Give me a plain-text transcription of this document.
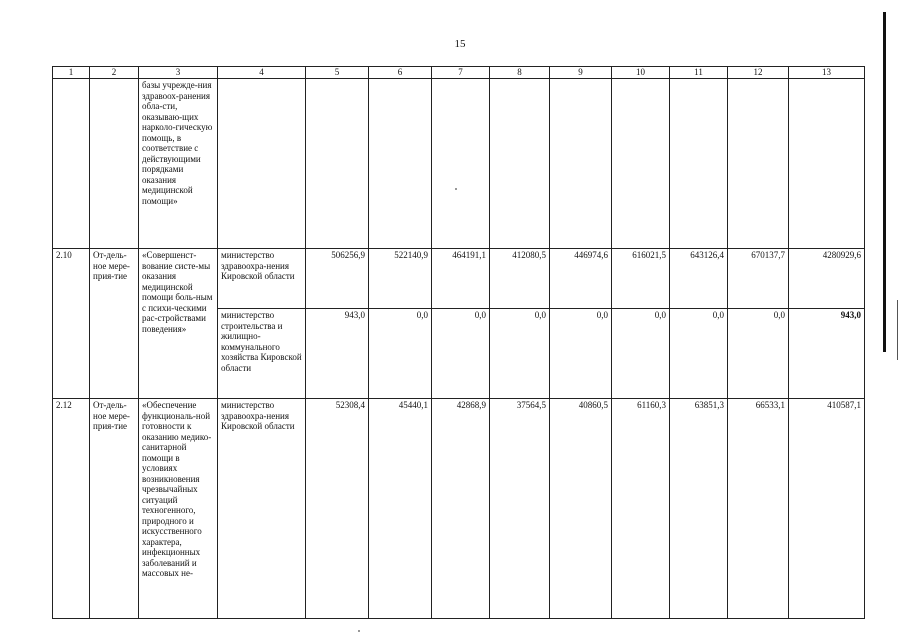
15
1	2	3	4	5	6	7	8	9	10	11	12	13
		базы учрежде-ния здравоох-ранения обла-сти, оказываю-щих нарколо-гическую помощь, в соответствие с действующими порядками оказания медицинской помощи»										
2.10	От-дель-ное мере-прия-тие	«Совершенст-вование систе-мы оказания медицинской помощи боль-ным с психи-ческими рас-стройствами поведения»	министерство здравоохра-нения Кировской области	506256,9	522140,9	464191,1	412080,5	446974,6	616021,5	643126,4	670137,7	4280929,6
			министерство строительства и жилищно-коммунального хозяйства Кировской области	943,0	0,0	0,0	0,0	0,0	0,0	0,0	0,0	943,0
2.12	От-дель-ное мере-прия-тие	«Обеспечение функциональ-ной готовности к оказанию медико-санитарной помощи в условиях возникновения чрезвычайных ситуаций техногенного, природного и искусственного характера, инфекционных заболеваний и массовых не-	министерство здравоохра-нения Кировской области	52308,4	45440,1	42868,9	37564,5	40860,5	61160,3	63851,3	66533,1	410587,1
